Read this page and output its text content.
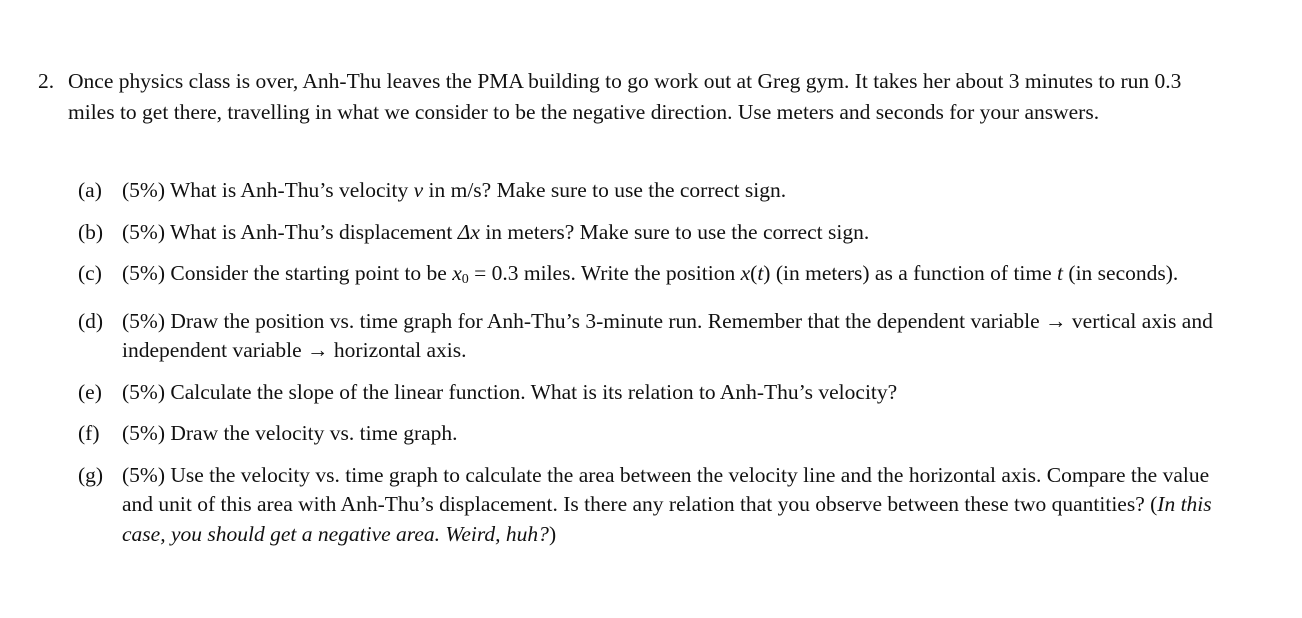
2. Once physics class is over, Anh-Thu leaves the PMA building to go work out at Greg gym. It takes her about 3 minutes to run 0.3 miles to get there, travelling in what we consider to be the negative direction. Use meters and seconds for your answers.
(a) (5%) What is Anh-Thu’s velocity v in m/s? Make sure to use the correct sign.
(b) (5%) What is Anh-Thu’s displacement Δx in meters? Make sure to use the correct sign.
(c) (5%) Consider the starting point to be $x_0 = 0.3$ miles. Write the position x(t) (in meters) as a function of time t (in seconds).
(d) (5%) Draw the position vs. time graph for Anh-Thu’s 3-minute run. Remember that the dependent variable → vertical axis and independent variable → horizontal axis.
(e) (5%) Calculate the slope of the linear function. What is its relation to Anh-Thu’s velocity?
(f) (5%) Draw the velocity vs. time graph.
(g) (5%) Use the velocity vs. time graph to calculate the area between the velocity line and the horizontal axis. Compare the value and unit of this area with Anh-Thu’s displacement. Is there any relation that you observe between these two quantities? (In this case, you should get a negative area. Weird, huh?)
